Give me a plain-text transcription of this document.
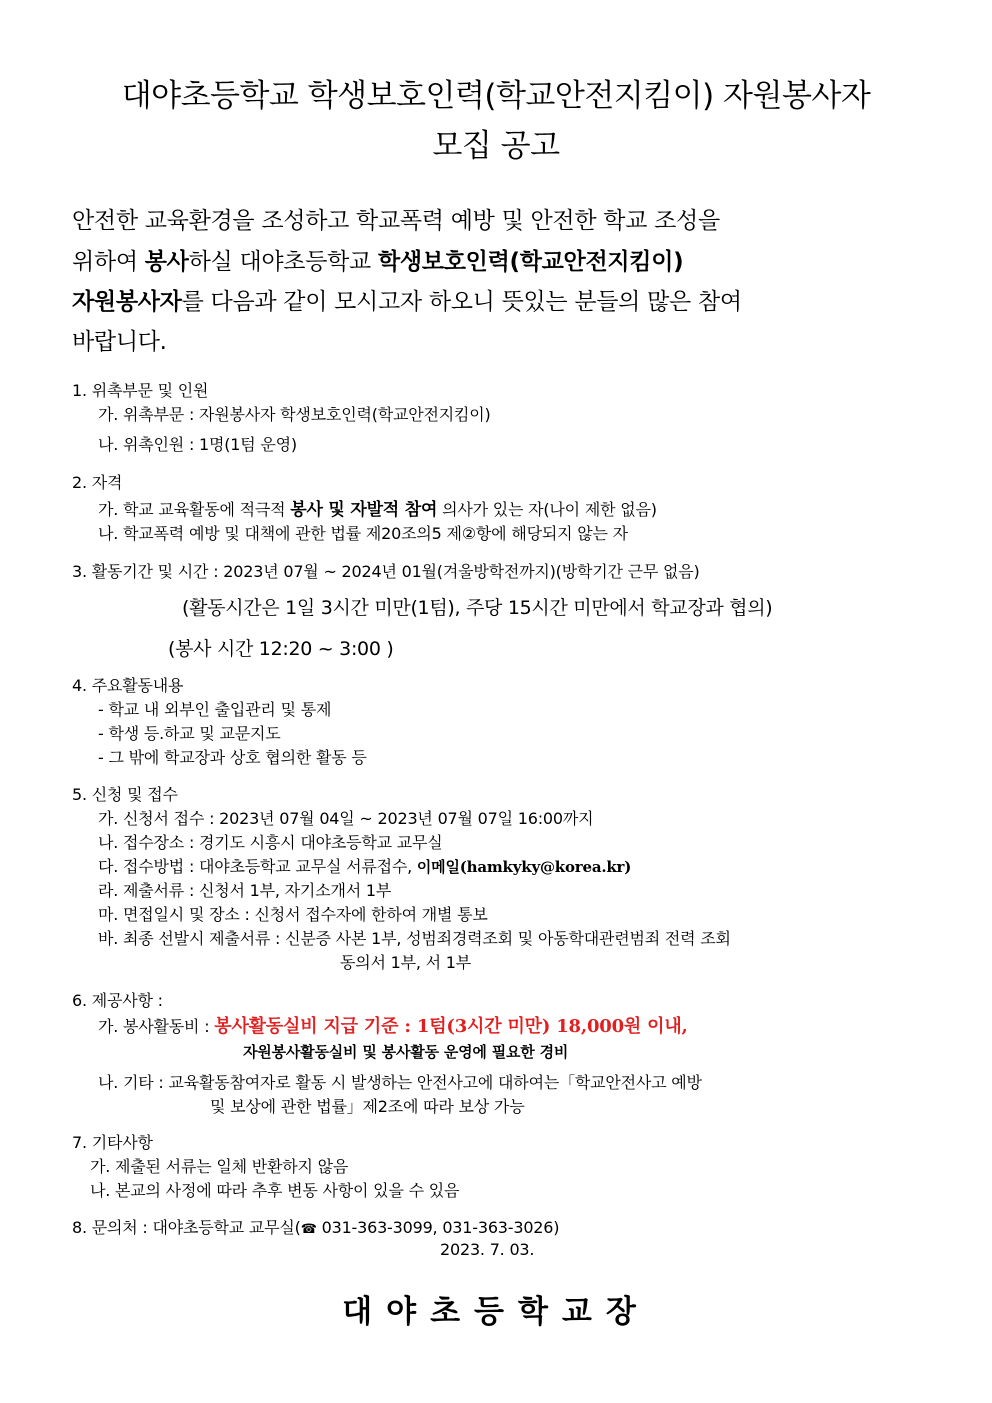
대야초등학교 학생보호인력(학교안전지킴이) 자원봉사자
모집 공고
안전한 교육환경을 조성하고 학교폭력 예방 및 안전한 학교 조성을
위하여 봉사하실 대야초등학교 학생보호인력(학교안전지킴이)
자원봉사자를 다음과 같이 모시고자 하오니 뜻있는 분들의 많은 참여
바랍니다.
1. 위촉부문 및 인원
가. 위촉부문 : 자원봉사자 학생보호인력(학교안전지킴이)
나. 위촉인원 : 1명(1텀 운영)
2. 자격
가. 학교 교육활동에 적극적 봉사 및 자발적 참여 의사가 있는 자(나이 제한 없음)
나. 학교폭력 예방 및 대책에 관한 법률 제20조의5 제②항에 해당되지 않는 자
3. 활동기간 및 시간 : 2023년 07월 ~ 2024년 01월(겨울방학전까지)(방학기간 근무 없음)
(활동시간은 1일 3시간 미만(1텀), 주당 15시간 미만에서 학교장과 협의)
(봉사 시간 12:20 ~ 3:00 )
4. 주요활동내용
- 학교 내 외부인 출입관리 및 통제
- 학생 등.하교 및 교문지도
- 그 밖에 학교장과 상호 협의한 활동 등
5. 신청 및 접수
가. 신청서 접수 : 2023년 07월 04일 ~ 2023년 07월 07일 16:00까지
나. 접수장소 : 경기도 시흥시 대야초등학교 교무실
다. 접수방법 : 대야초등학교 교무실 서류접수, 이메일(hamkyky@korea.kr)
라. 제출서류 : 신청서 1부, 자기소개서 1부
마. 면접일시 및 장소 : 신청서 접수자에 한하여 개별 통보
바. 최종 선발시 제출서류 : 신분증 사본 1부, 성범죄경력조회 및 아동학대관련범죄 전력 조회
동의서 1부, 서 1부
6. 제공사항 :
가. 봉사활동비 : 봉사활동실비 지급 기준 : 1텀(3시간 미만) 18,000원 이내,
자원봉사활동실비 및 봉사활동 운영에 필요한 경비
나. 기타 : 교육활동참여자로 활동 시 발생하는 안전사고에 대하여는「학교안전사고 예방
및 보상에 관한 법률」제2조에 따라 보상 가능
7. 기타사항
가. 제출된 서류는 일체 반환하지 않음
나. 본교의 사정에 따라 추후 변동 사항이 있을 수 있음
8. 문의처 : 대야초등학교 교무실(☎ 031-363-3099, 031-363-3026)
2023. 7. 03.
대야초등학교장
